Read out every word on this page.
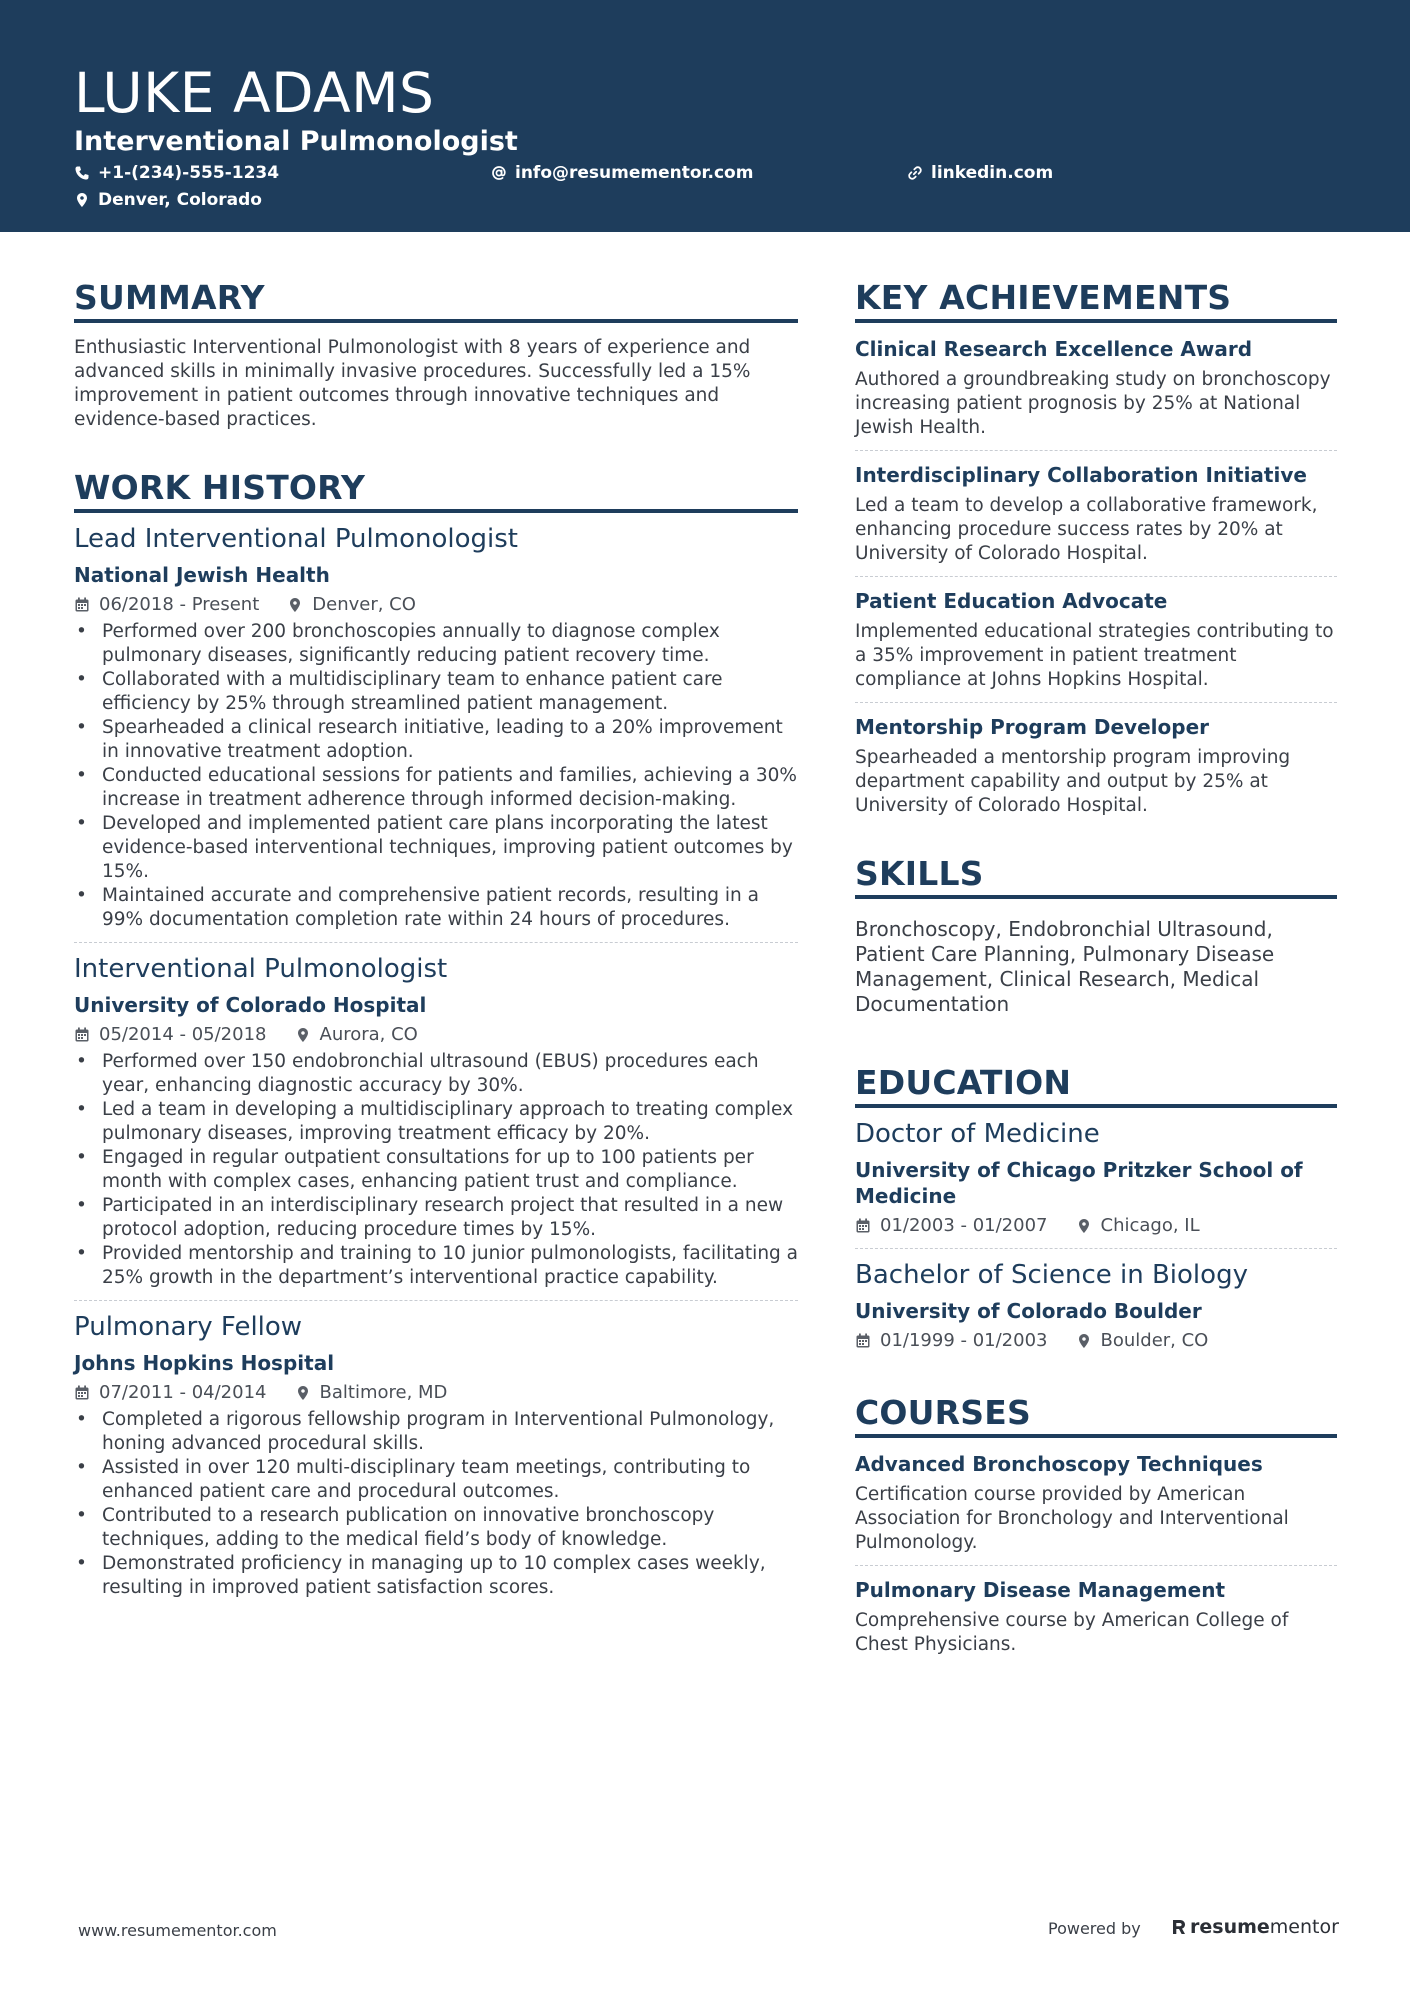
LUKE ADAMS
Interventional Pulmonologist
+1-(234)-555-1234	info@resumementor.com	linkedin.com
Denver, Colorado
SUMMARY
Enthusiastic Interventional Pulmonologist with 8 years of experience and advanced skills in minimally invasive procedures. Successfully led a 15% improvement in patient outcomes through innovative techniques and evidence-based practices.
WORK HISTORY
Lead Interventional Pulmonologist
National Jewish Health
06/2018 - Present	Denver, CO
• Performed over 200 bronchoscopies annually to diagnose complex pulmonary diseases, significantly reducing patient recovery time.
• Collaborated with a multidisciplinary team to enhance patient care efficiency by 25% through streamlined patient management.
• Spearheaded a clinical research initiative, leading to a 20% improvement in innovative treatment adoption.
• Conducted educational sessions for patients and families, achieving a 30% increase in treatment adherence through informed decision-making.
• Developed and implemented patient care plans incorporating the latest evidence-based interventional techniques, improving patient outcomes by 15%.
• Maintained accurate and comprehensive patient records, resulting in a 99% documentation completion rate within 24 hours of procedures.
Interventional Pulmonologist
University of Colorado Hospital
05/2014 - 05/2018	Aurora, CO
• Performed over 150 endobronchial ultrasound (EBUS) procedures each year, enhancing diagnostic accuracy by 30%.
• Led a team in developing a multidisciplinary approach to treating complex pulmonary diseases, improving treatment efficacy by 20%.
• Engaged in regular outpatient consultations for up to 100 patients per month with complex cases, enhancing patient trust and compliance.
• Participated in an interdisciplinary research project that resulted in a new protocol adoption, reducing procedure times by 15%.
• Provided mentorship and training to 10 junior pulmonologists, facilitating a 25% growth in the department’s interventional practice capability.
Pulmonary Fellow
Johns Hopkins Hospital
07/2011 - 04/2014	Baltimore, MD
• Completed a rigorous fellowship program in Interventional Pulmonology, honing advanced procedural skills.
• Assisted in over 120 multi-disciplinary team meetings, contributing to enhanced patient care and procedural outcomes.
• Contributed to a research publication on innovative bronchoscopy techniques, adding to the medical field’s body of knowledge.
• Demonstrated proficiency in managing up to 10 complex cases weekly, resulting in improved patient satisfaction scores.
KEY ACHIEVEMENTS
Clinical Research Excellence Award
Authored a groundbreaking study on bronchoscopy increasing patient prognosis by 25% at National Jewish Health.
Interdisciplinary Collaboration Initiative
Led a team to develop a collaborative framework, enhancing procedure success rates by 20% at University of Colorado Hospital.
Patient Education Advocate
Implemented educational strategies contributing to a 35% improvement in patient treatment compliance at Johns Hopkins Hospital.
Mentorship Program Developer
Spearheaded a mentorship program improving department capability and output by 25% at University of Colorado Hospital.
SKILLS
Bronchoscopy, Endobronchial Ultrasound, Patient Care Planning, Pulmonary Disease Management, Clinical Research, Medical Documentation
EDUCATION
Doctor of Medicine
University of Chicago Pritzker School of Medicine
01/2003 - 01/2007	Chicago, IL
Bachelor of Science in Biology
University of Colorado Boulder
01/1999 - 01/2003	Boulder, CO
COURSES
Advanced Bronchoscopy Techniques
Certification course provided by American Association for Bronchology and Interventional Pulmonology.
Pulmonary Disease Management
Comprehensive course by American College of Chest Physicians.
www.resumementor.com	Powered by	resume mentor
